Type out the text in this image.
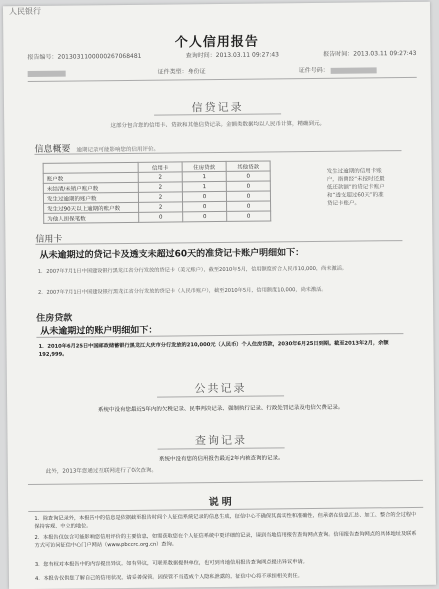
人民银行
个人信用报告
报告编号：2013031100000267068481	查询时间：2013.03.11 09:27:43	报告时间：2013.03.11 09:27:43
证件类型：身份证	证件号码：
信贷记录
这部分包含您的信用卡、贷款和其他信贷记录。金额类数据均以人民币计算，精确到元。
信息概要 逾期记录可能影响您的信用评价。
	信用卡	住房贷款	其他贷款
账户数	2	1	0
未结清/未销户账户数	2	1	0
发生过逾期的账户数	2	0	0
发生过90天以上逾期的账户数	2	0	0
为他人担保笔数	0	0	0
发生过逾期的信用卡账户，指曾经“未按时还最低还款额”的贷记卡账户和“透支超过60天”的准贷记卡账户。
信用卡
从未逾期过的贷记卡及透支未超过60天的准贷记卡账户明细如下：
1．2007年7月1日中国建设银行黑龙江省分行发放的贷记卡（美元账户），截至2010年5月，信用额度折合人民币10,000，尚未激活。
2．2007年7月1日中国建设银行黑龙江省分行发放的贷记卡（人民币账户），截至2010年5月，信用额度10,000，尚未激活。
住房贷款
从未逾期过的账户明细如下：
1．2010年6月25日中国邮政储蓄银行黑龙江大庆市分行发放的210,000元（人民币）个人住房贷款，2030年6月25日到期。截至2013年2月，余额192,999。
公共记录
系统中没有您最近5年内的欠税记录、民事判决记录、强制执行记录、行政处罚记录及电信欠费记录。
查询记录
系统中没有您的信用报告最近2年内被查询的记录。
此外，2013年您通过互联网进行了0次查询。
说明
1．除查询记录外，本报告中的信息是依据截至报告时间个人征信系统记录的信息生成，征信中心不确保其真实性和准确性，但承诺在信息汇总、加工、整合的全过程中保持客观、中立的地位。
2．本报告仅包含可能影响您信用评价的主要信息，如需获取您在个人征信系统中更详细的记录，请到当地信用报告查询网点查询。信用报告查询网点的具体地址及联系方式可访问征信中心门户网站（www.pbccrc.org.cn）查询。
3．您有权对本报告中的内容提出异议。如有异议，可联系数据提供单位，也可到当地信用报告查询网点提出异议申请。
4．本报告仅供您了解自己的信用状况，请妥善保管。因保管不当造成个人隐私泄露的，征信中心将不承担相关责任。
